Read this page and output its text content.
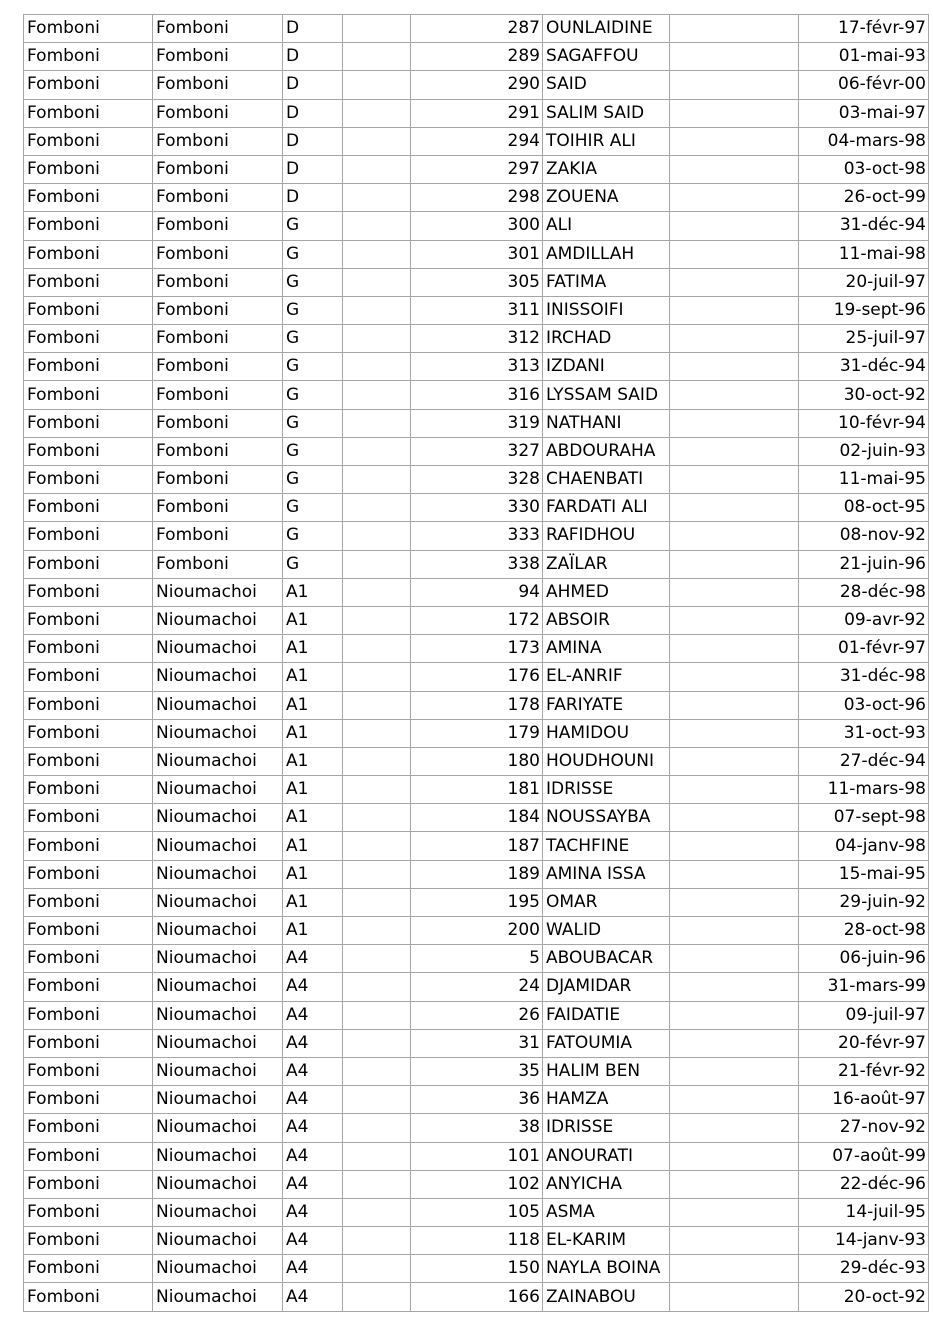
Fomboni	Fomboni	D		287	OUNLAIDINE		17-févr-97
Fomboni	Fomboni	D		289	SAGAFFOU		01-mai-93
Fomboni	Fomboni	D		290	SAID		06-févr-00
Fomboni	Fomboni	D		291	SALIM SAID		03-mai-97
Fomboni	Fomboni	D		294	TOIHIR ALI		04-mars-98
Fomboni	Fomboni	D		297	ZAKIA		03-oct-98
Fomboni	Fomboni	D		298	ZOUENA		26-oct-99
Fomboni	Fomboni	G		300	ALI		31-déc-94
Fomboni	Fomboni	G		301	AMDILLAH		11-mai-98
Fomboni	Fomboni	G		305	FATIMA		20-juil-97
Fomboni	Fomboni	G		311	INISSOIFI		19-sept-96
Fomboni	Fomboni	G		312	IRCHAD		25-juil-97
Fomboni	Fomboni	G		313	IZDANI		31-déc-94
Fomboni	Fomboni	G		316	LYSSAM SAID		30-oct-92
Fomboni	Fomboni	G		319	NATHANI		10-févr-94
Fomboni	Fomboni	G		327	ABDOURAHA		02-juin-93
Fomboni	Fomboni	G		328	CHAENBATI		11-mai-95
Fomboni	Fomboni	G		330	FARDATI ALI		08-oct-95
Fomboni	Fomboni	G		333	RAFIDHOU		08-nov-92
Fomboni	Fomboni	G		338	ZAÏLAR		21-juin-96
Fomboni	Nioumachoi	A1		94	AHMED		28-déc-98
Fomboni	Nioumachoi	A1		172	ABSOIR		09-avr-92
Fomboni	Nioumachoi	A1		173	AMINA		01-févr-97
Fomboni	Nioumachoi	A1		176	EL-ANRIF		31-déc-98
Fomboni	Nioumachoi	A1		178	FARIYATE		03-oct-96
Fomboni	Nioumachoi	A1		179	HAMIDOU		31-oct-93
Fomboni	Nioumachoi	A1		180	HOUDHOUNI		27-déc-94
Fomboni	Nioumachoi	A1		181	IDRISSE		11-mars-98
Fomboni	Nioumachoi	A1		184	NOUSSAYBA		07-sept-98
Fomboni	Nioumachoi	A1		187	TACHFINE		04-janv-98
Fomboni	Nioumachoi	A1		189	AMINA ISSA		15-mai-95
Fomboni	Nioumachoi	A1		195	OMAR		29-juin-92
Fomboni	Nioumachoi	A1		200	WALID		28-oct-98
Fomboni	Nioumachoi	A4		5	ABOUBACAR		06-juin-96
Fomboni	Nioumachoi	A4		24	DJAMIDAR		31-mars-99
Fomboni	Nioumachoi	A4		26	FAIDATIE		09-juil-97
Fomboni	Nioumachoi	A4		31	FATOUMIA		20-févr-97
Fomboni	Nioumachoi	A4		35	HALIM BEN		21-févr-92
Fomboni	Nioumachoi	A4		36	HAMZA		16-août-97
Fomboni	Nioumachoi	A4		38	IDRISSE		27-nov-92
Fomboni	Nioumachoi	A4		101	ANOURATI		07-août-99
Fomboni	Nioumachoi	A4		102	ANYICHA		22-déc-96
Fomboni	Nioumachoi	A4		105	ASMA		14-juil-95
Fomboni	Nioumachoi	A4		118	EL-KARIM		14-janv-93
Fomboni	Nioumachoi	A4		150	NAYLA BOINA		29-déc-93
Fomboni	Nioumachoi	A4		166	ZAINABOU		20-oct-92
